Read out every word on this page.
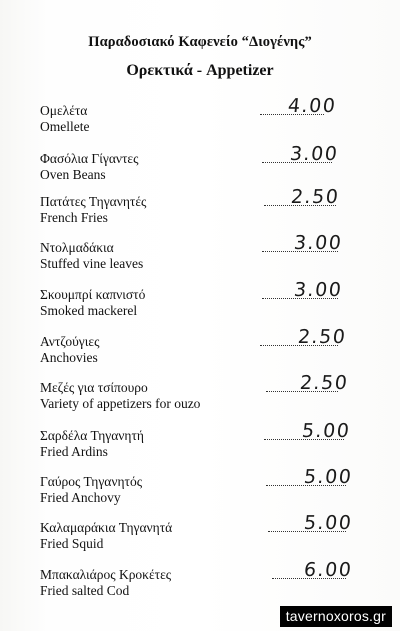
Παραδοσιακό Καφενείο “Διογένης”
Ορεκτικά - Appetizer
Ομελέτα
Omellete
4.00
Φασόλια Γίγαντες
Oven Beans
3.00
Πατάτες Τηγανητές
French Fries
2.50
Ντολμαδάκια
Stuffed vine leaves
3.00
Σκουμπρί καπνιστό
Smoked mackerel
3.00
Αντζούγιες
Anchovies
2.50
Μεζές για τσίπουρο
Variety of appetizers for ouzo
2.50
Σαρδέλα Τηγανητή
Fried Ardins
5.00
Γαύρος Τηγανητός
Fried Anchovy
5.00
Καλαμαράκια Τηγανητά
Fried Squid
5.00
Μπακαλιάρος Κροκέτες
Fried salted Cod
6.00
tavernoxoros.gr
